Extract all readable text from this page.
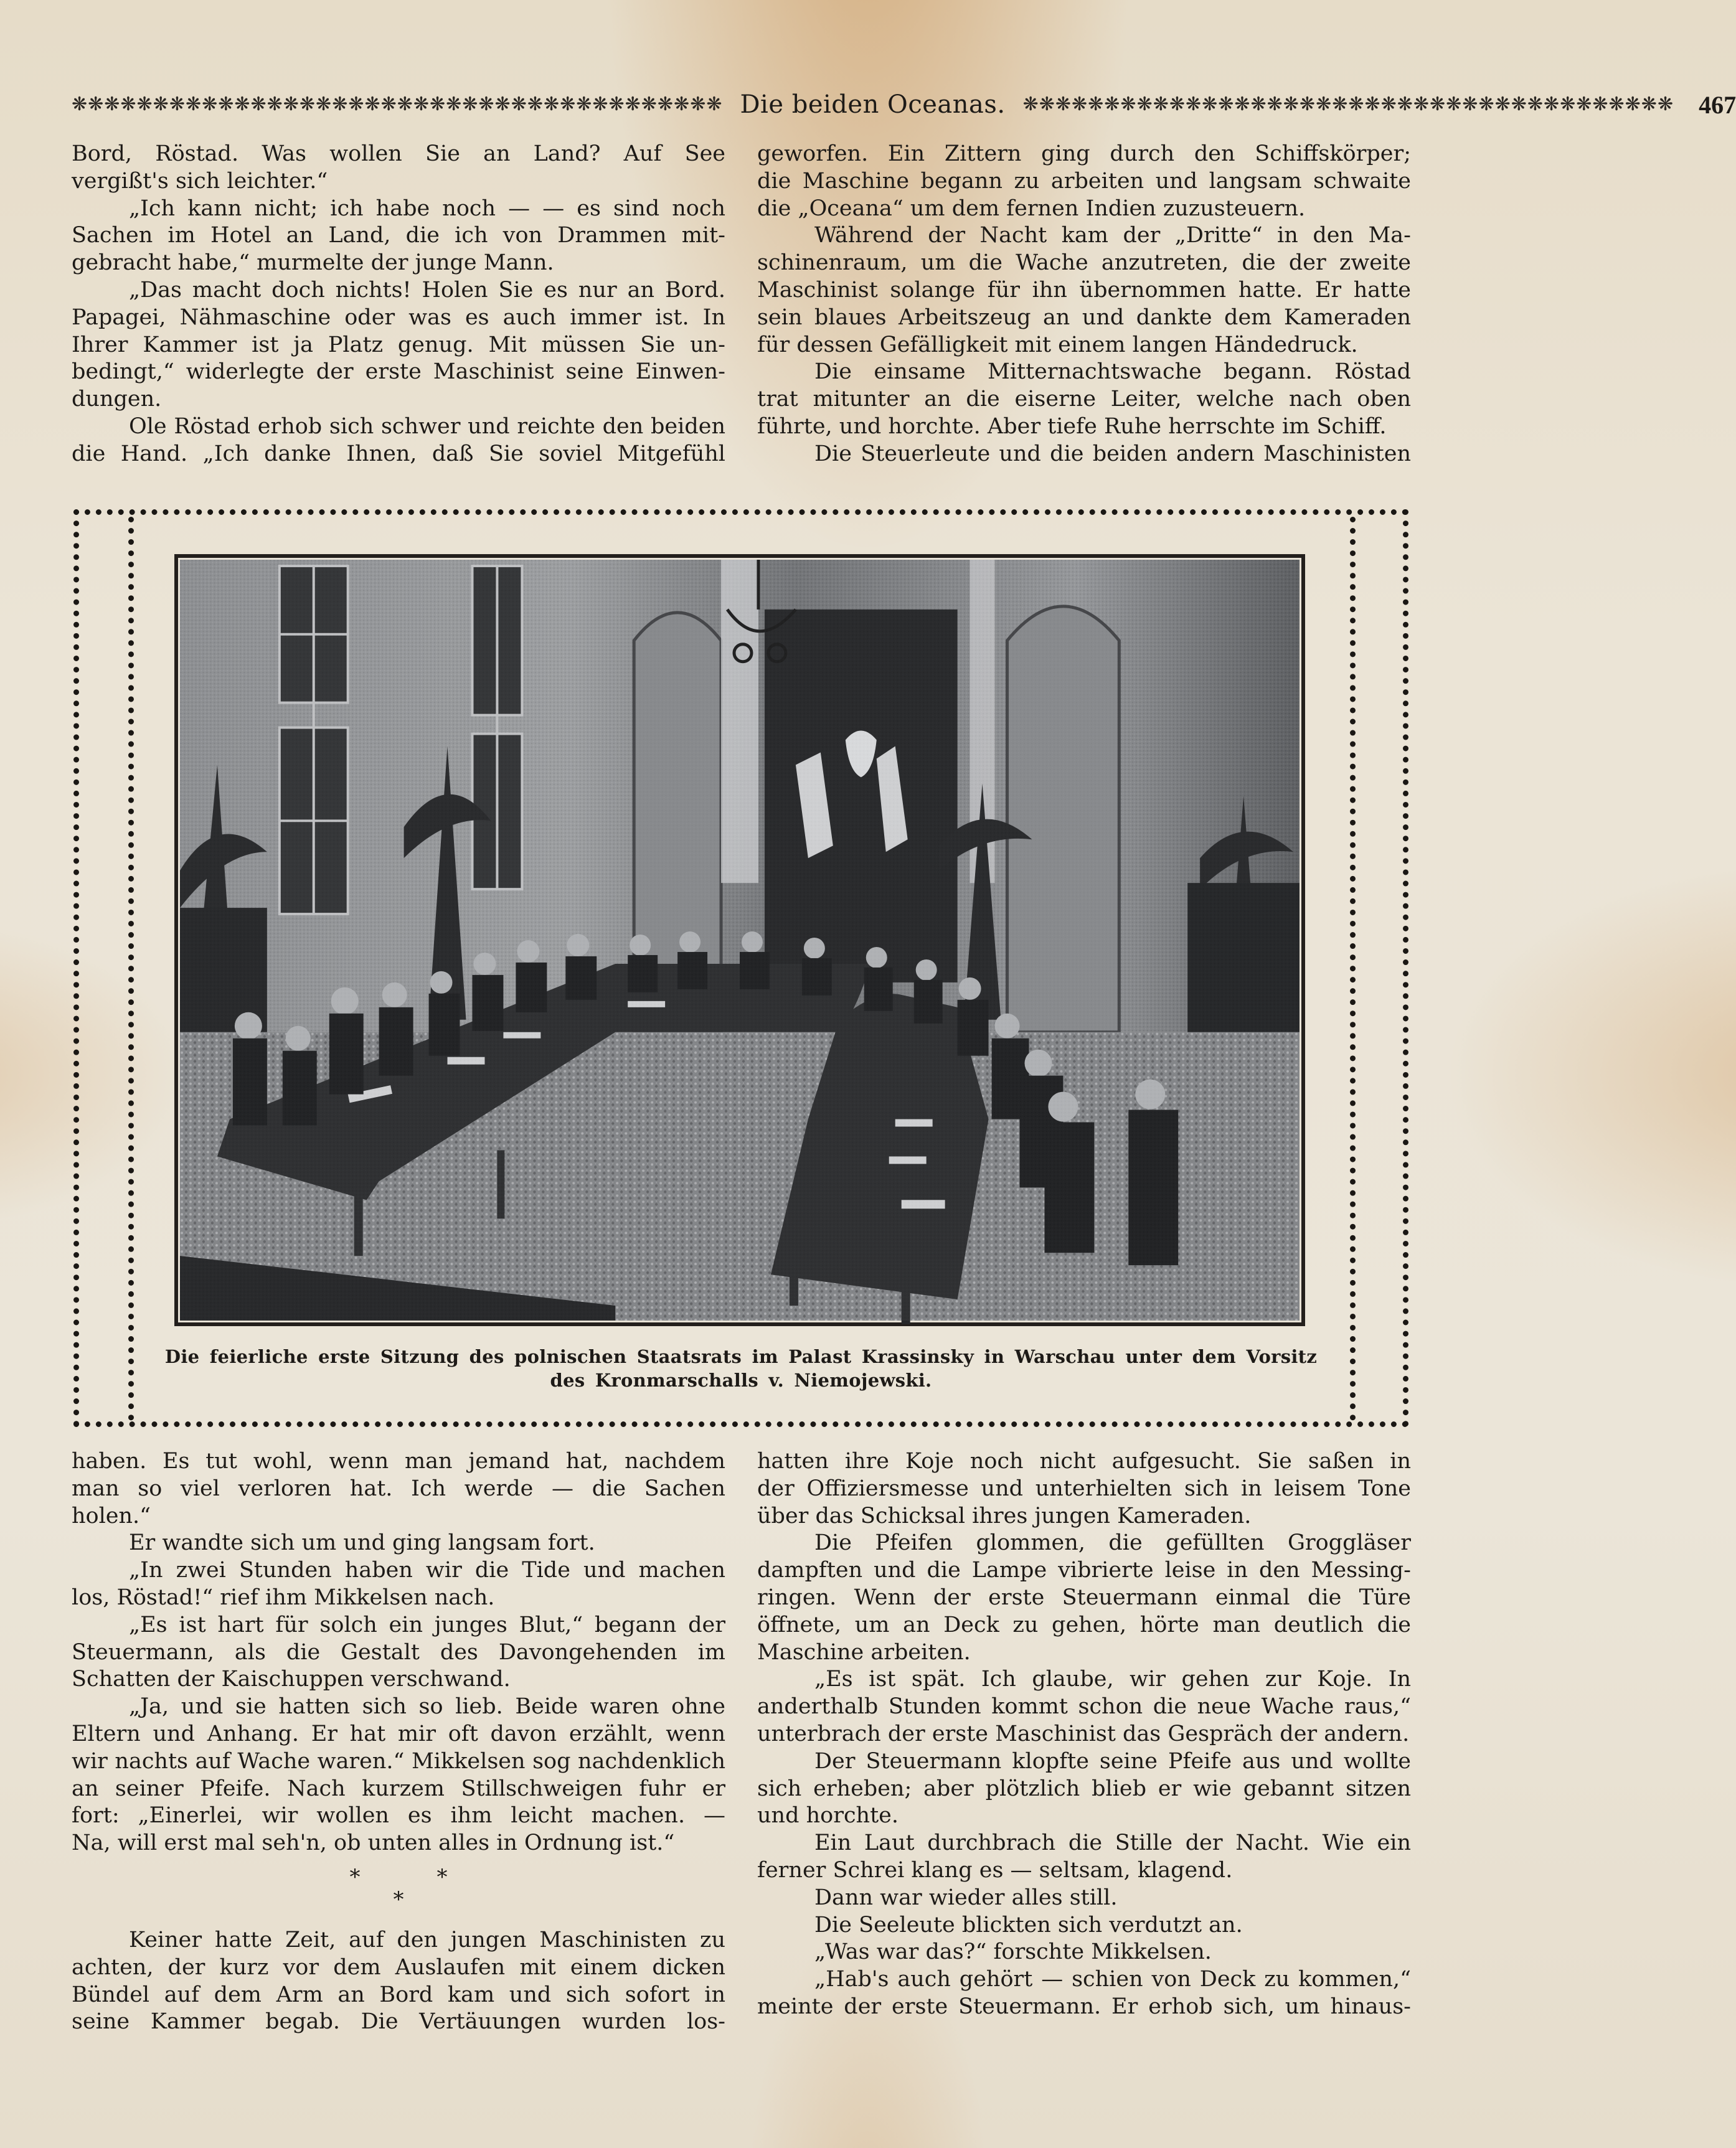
❋❋❋❋❋❋❋❋❋❋❋❋❋❋❋❋❋❋❋❋❋❋❋❋❋❋❋❋❋❋❋❋❋❋❋❋❋❋❋❋ Die beiden Oceanas. ❋❋❋❋❋❋❋❋❋❋❋❋❋❋❋❋❋❋❋❋❋❋❋❋❋❋❋❋❋❋❋❋❋❋❋❋❋❋❋❋	467
Bord, Röstad. Was wollen Sie an Land? Auf See
vergißt's sich leichter.“
„Ich kann nicht; ich habe noch — — es sind noch
Sachen im Hotel an Land, die ich von Drammen mit-
gebracht habe,“ murmelte der junge Mann.
„Das macht doch nichts! Holen Sie es nur an Bord.
Papagei, Nähmaschine oder was es auch immer ist. In
Ihrer Kammer ist ja Platz genug. Mit müssen Sie un-
bedingt,“ widerlegte der erste Maschinist seine Einwen-
dungen.
Ole Röstad erhob sich schwer und reichte den beiden
die Hand. „Ich danke Ihnen, daß Sie soviel Mitgefühl
geworfen. Ein Zittern ging durch den Schiffskörper;
die Maschine begann zu arbeiten und langsam schwaite
die „Oceana“ um dem fernen Indien zuzusteuern.
Während der Nacht kam der „Dritte“ in den Ma-
schinenraum, um die Wache anzutreten, die der zweite
Maschinist solange für ihn übernommen hatte. Er hatte
sein blaues Arbeitszeug an und dankte dem Kameraden
für dessen Gefälligkeit mit einem langen Händedruck.
Die einsame Mitternachtswache begann. Röstad
trat mitunter an die eiserne Leiter, welche nach oben
führte, und horchte. Aber tiefe Ruhe herrschte im Schiff.
Die Steuerleute und die beiden andern Maschinisten
Die feierliche erste Sitzung des polnischen Staatsrats im Palast Krassinsky in Warschau unter dem Vorsitz
des Kronmarschalls v. Niemojewski.
haben. Es tut wohl, wenn man jemand hat, nachdem
man so viel verloren hat. Ich werde — die Sachen
holen.“
Er wandte sich um und ging langsam fort.
„In zwei Stunden haben wir die Tide und machen
los, Röstad!“ rief ihm Mikkelsen nach.
„Es ist hart für solch ein junges Blut,“ begann der
Steuermann, als die Gestalt des Davongehenden im
Schatten der Kaischuppen verschwand.
„Ja, und sie hatten sich so lieb. Beide waren ohne
Eltern und Anhang. Er hat mir oft davon erzählt, wenn
wir nachts auf Wache waren.“ Mikkelsen sog nachdenklich
an seiner Pfeife. Nach kurzem Stillschweigen fuhr er
fort: „Einerlei, wir wollen es ihm leicht machen. —
Na, will erst mal seh'n, ob unten alles in Ordnung ist.“
*	*
*
Keiner hatte Zeit, auf den jungen Maschinisten zu
achten, der kurz vor dem Auslaufen mit einem dicken
Bündel auf dem Arm an Bord kam und sich sofort in
seine Kammer begab. Die Vertäuungen wurden los-
hatten ihre Koje noch nicht aufgesucht. Sie saßen in
der Offiziersmesse und unterhielten sich in leisem Tone
über das Schicksal ihres jungen Kameraden.
Die Pfeifen glommen, die gefüllten Groggläser
dampften und die Lampe vibrierte leise in den Messing-
ringen. Wenn der erste Steuermann einmal die Türe
öffnete, um an Deck zu gehen, hörte man deutlich die
Maschine arbeiten.
„Es ist spät. Ich glaube, wir gehen zur Koje. In
anderthalb Stunden kommt schon die neue Wache raus,“
unterbrach der erste Maschinist das Gespräch der andern.
Der Steuermann klopfte seine Pfeife aus und wollte
sich erheben; aber plötzlich blieb er wie gebannt sitzen
und horchte.
Ein Laut durchbrach die Stille der Nacht. Wie ein
ferner Schrei klang es — seltsam, klagend.
Dann war wieder alles still.
Die Seeleute blickten sich verdutzt an.
„Was war das?“ forschte Mikkelsen.
„Hab's auch gehört — schien von Deck zu kommen,“
meinte der erste Steuermann. Er erhob sich, um hinaus-
